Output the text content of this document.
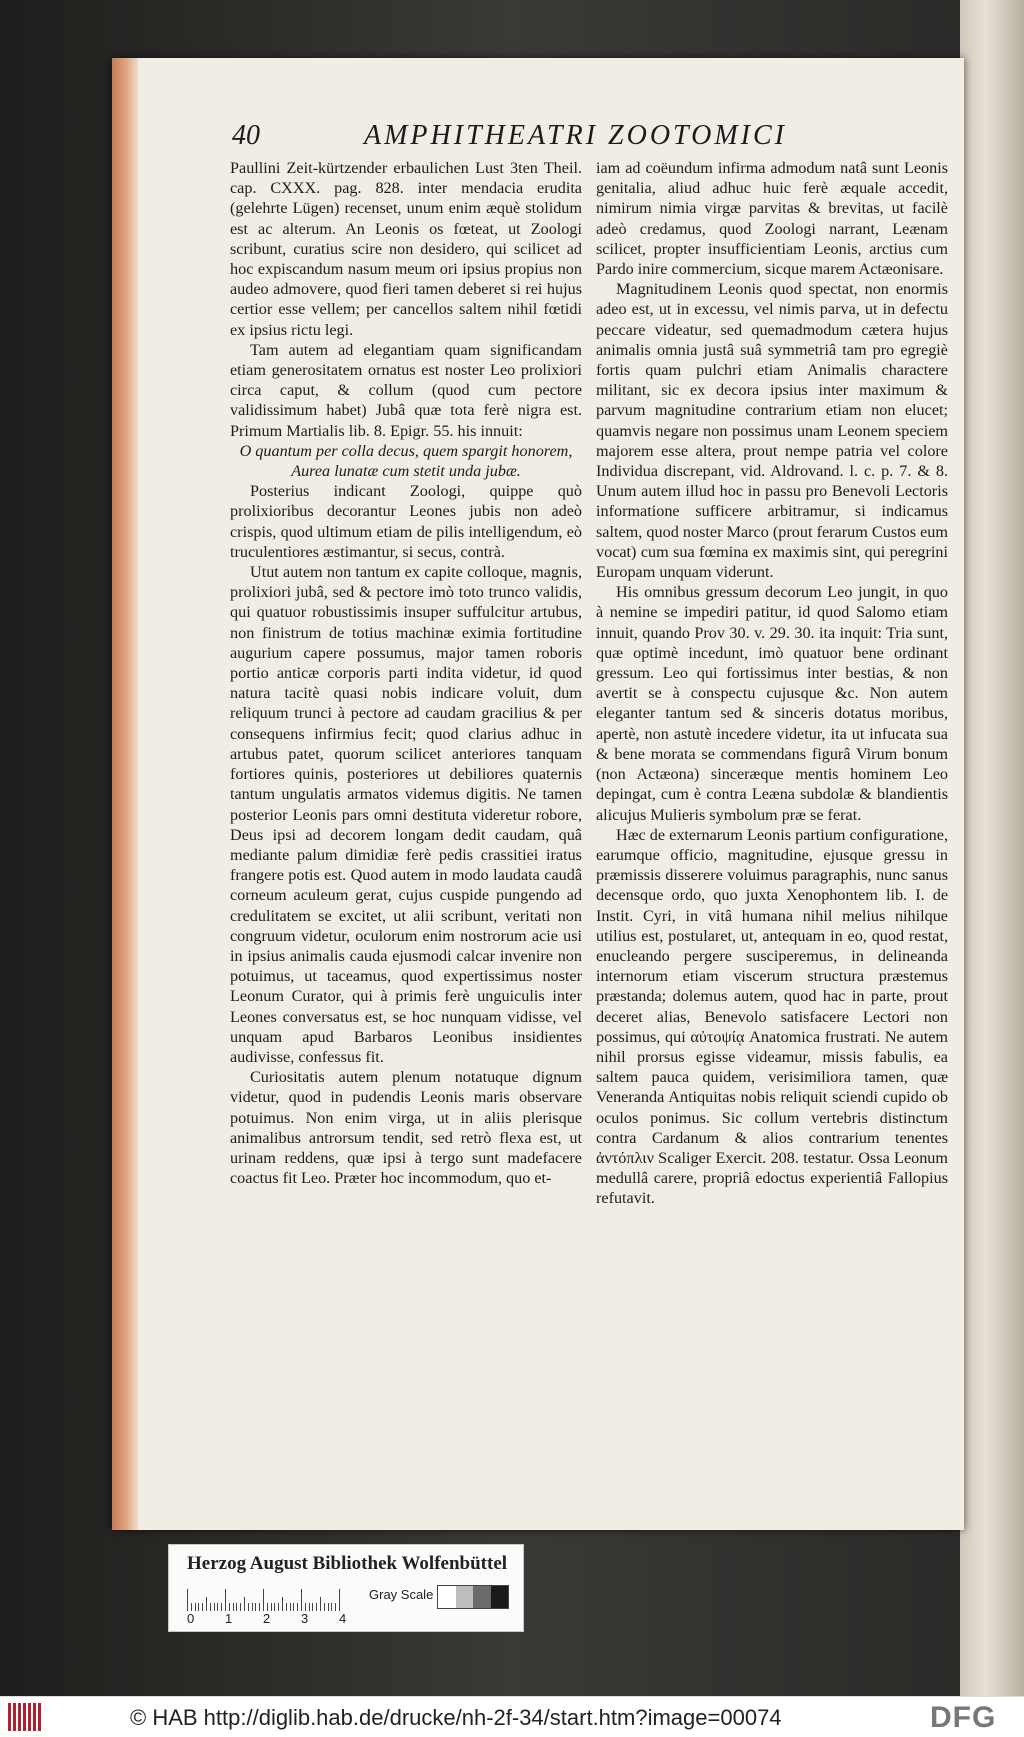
40	AMPHITHEATRI ZOOTOMICI

Paullini Zeit-kürtzender erbaulichen Lust 3ten Theil. cap. CXXX. pag. 828. inter mendacia erudita (gelehrte Lügen) recenset, unum enim æquè stolidum est ac alterum. An Leonis os fœteat, ut Zoologi scribunt, curatius scire non desidero, qui scilicet ad hoc expiscandum nasum meum ori ipsius propius non audeo admovere, quod fieri tamen deberet si rei hujus certior esse vellem; per cancellos saltem nihil fœtidi ex ipsius rictu legi.

Tam autem ad elegantiam quam significandam etiam generositatem ornatus est noster Leo prolixiori circa caput, & collum (quod cum pectore validissimum habet) Jubâ quæ tota ferè nigra est. Primum Martialis lib. 8. Epigr. 55. his innuit:

O quantum per colla decus, quem spargit honorem,

Aurea lunatæ cum stetit unda jubæ.

Posterius indicant Zoologi, quippe quò prolixioribus decorantur Leones jubis non adeò crispis, quod ultimum etiam de pilis intelligendum, eò truculentiores æstimantur, si secus, contrà.

Utut autem non tantum ex capite colloque, magnis, prolixiori jubâ, sed & pectore imò toto trunco validis, qui quatuor robustissimis insuper suffulcitur artubus, non finistrum de totius machinæ eximia fortitudine augurium capere possumus, major tamen roboris portio anticæ corporis parti indita videtur, id quod natura tacitè quasi nobis indicare voluit, dum reliquum trunci à pectore ad caudam gracilius & per consequens infirmius fecit; quod clarius adhuc in artubus patet, quorum scilicet anteriores tanquam fortiores quinis, posteriores ut debiliores quaternis tantum ungulatis armatos videmus digitis. Ne tamen posterior Leonis pars omni destituta videretur robore, Deus ipsi ad decorem longam dedit caudam, quâ mediante palum dimidiæ ferè pedis crassitiei iratus frangere potis est. Quod autem in modo laudata caudâ corneum aculeum gerat, cujus cuspide pungendo ad credulitatem se excitet, ut alii scribunt, veritati non congruum videtur, oculorum enim nostrorum acie usi in ipsius animalis cauda ejusmodi calcar invenire non potuimus, ut taceamus, quod expertissimus noster Leonum Curator, qui à primis ferè unguiculis inter Leones conversatus est, se hoc nunquam vidisse, vel unquam apud Barbaros Leonibus insidientes audivisse, confessus fit.

Curiositatis autem plenum notatuque dignum videtur, quod in pudendis Leonis maris observare potuimus. Non enim virga, ut in aliis plerisque animalibus antrorsum tendit, sed retrò flexa est, ut urinam reddens, quæ ipsi à tergo sunt madefacere coactus fit Leo. Præter hoc incommodum, quo et-

iam ad coëundum infirma admodum natâ sunt Leonis genitalia, aliud adhuc huic ferè æquale accedit, nimirum nimia virgæ parvitas & brevitas, ut facilè adeò credamus, quod Zoologi narrant, Leænam scilicet, propter insufficientiam Leonis, arctius cum Pardo inire commercium, sicque marem Actæonisare.

Magnitudinem Leonis quod spectat, non enormis adeo est, ut in excessu, vel nimis parva, ut in defectu peccare videatur, sed quemadmodum cætera hujus animalis omnia justâ suâ symmetriâ tam pro egregiè fortis quam pulchri etiam Animalis charactere militant, sic ex decora ipsius inter maximum & parvum magnitudine contrarium etiam non elucet; quamvis negare non possimus unam Leonem speciem majorem esse altera, prout nempe patria vel colore Individua discrepant, vid. Aldrovand. l. c. p. 7. & 8. Unum autem illud hoc in passu pro Benevoli Lectoris informatione sufficere arbitramur, si indicamus saltem, quod noster Marco (prout ferarum Custos eum vocat) cum sua fœmina ex maximis sint, qui peregrini Europam unquam viderunt.

His omnibus gressum decorum Leo jungit, in quo à nemine se impediri patitur, id quod Salomo etiam innuit, quando Prov 30. v. 29. 30. ita inquit: Tria sunt, quæ optimè incedunt, imò quatuor bene ordinant gressum. Leo qui fortissimus inter bestias, & non avertit se à conspectu cujusque &c. Non autem eleganter tantum sed & sinceris dotatus moribus, apertè, non astutè incedere videtur, ita ut infucata sua & bene morata se commendans figurâ Virum bonum (non Actæona) sinceræque mentis hominem Leo depingat, cum è contra Leæna subdolæ & blandientis alicujus Mulieris symbolum præ se ferat.

Hæc de externarum Leonis partium configuratione, earumque officio, magnitudine, ejusque gressu in præmissis disserere voluimus paragraphis, nunc sanus decensque ordo, quo juxta Xenophontem lib. I. de Instit. Cyri, in vitâ humana nihil melius nihilque utilius est, postularet, ut, antequam in eo, quod restat, enucleando pergere susciperemus, in delineanda internorum etiam viscerum structura præstemus præstanda; dolemus autem, quod hac in parte, prout deceret alias, Benevolo satisfacere Lectori non possimus, qui αὐτοψίᾳ Anatomica frustrati. Ne autem nihil prorsus egisse videamur, missis fabulis, ea saltem pauca quidem, verisimiliora tamen, quæ Veneranda Antiquitas nobis reliquit sciendi cupido ob oculos ponimus. Sic collum vertebris distinctum contra Cardanum & alios contrarium tenentes ἀντόπλιν Scaliger Exercit. 208. testatur. Ossa Leonum medullâ carere, propriâ edoctus experientiâ Fallopius refutavit.

Herzog August Bibliothek Wolfenbüttel
0 1 2 3 4
Gray Scale
© HAB http://diglib.hab.de/drucke/nh-2f-34/start.htm?image=00074	DFG
